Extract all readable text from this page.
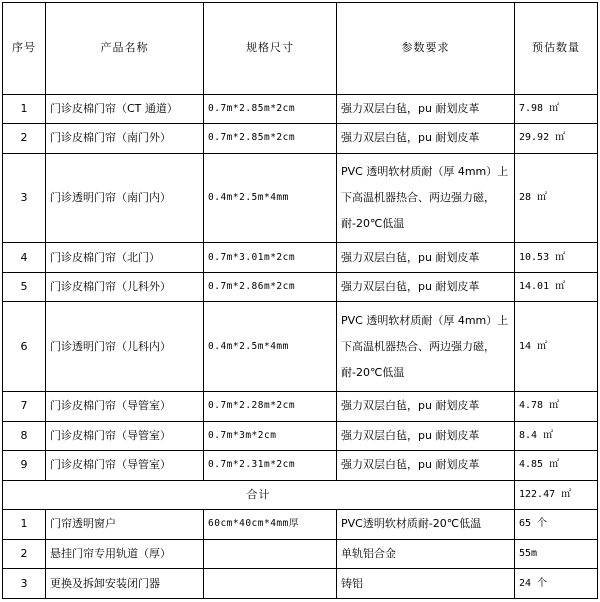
序号	产品名称	规格尺寸	参数要求	预估数量
1	门诊皮棉门帘（CT 通道）	0.7m*2.85m*2cm	强力双层白毡，pu 耐划皮革	7.98 ㎡
2	门诊皮棉门帘（南门外）	0.7m*2.85m*2cm	强力双层白毡，pu 耐划皮革	29.92 ㎡
3	门诊透明门帘（南门内）	0.4m*2.5m*4mm	PVC 透明软材质耐（厚 4mm）上下高温机器热合、两边强力磁，耐-20℃低温	28 ㎡
4	门诊皮棉门帘（北门）	0.7m*3.01m*2cm	强力双层白毡，pu 耐划皮革	10.53 ㎡
5	门诊皮棉门帘（儿科外）	0.7m*2.86m*2cm	强力双层白毡，pu 耐划皮革	14.01 ㎡
6	门诊透明门帘（儿科内）	0.4m*2.5m*4mm	PVC 透明软材质耐（厚 4mm）上下高温机器热合、两边强力磁，耐-20℃低温	14 ㎡
7	门诊皮棉门帘（导管室）	0.7m*2.28m*2cm	强力双层白毡，pu 耐划皮革	4.78 ㎡
8	门诊皮棉门帘（导管室）	0.7m*3m*2cm	强力双层白毡，pu 耐划皮革	8.4 ㎡
9	门诊皮棉门帘（导管室）	0.7m*2.31m*2cm	强力双层白毡，pu 耐划皮革	4.85 ㎡
合计				122.47 ㎡
1	门帘透明窗户	60cm*40cm*4mm厚	PVC透明软材质耐-20℃低温	65 个
2	悬挂门帘专用轨道（厚）		单轨铝合金	55m
3	更换及拆卸安装闭门器		铸铝	24 个
